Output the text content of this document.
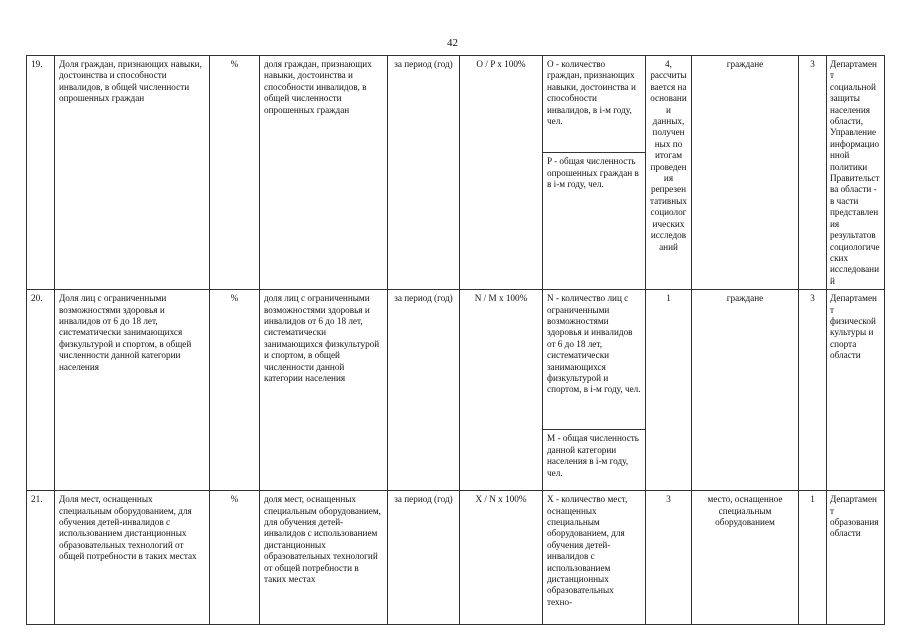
42
19.	Доля граждан, признающих навыки, достоинства и способности инвалидов, в общей численности опрошенных граждан	%	доля граждан, признающих навыки, достоинства и способности инвалидов, в общей численности опрошенных граждан	за период (год)	O / P x 100%	O - количество граждан, признающих навыки, достоинства и способности инвалидов, в i-м году, чел.	4, рассчитывается на основании данных, полученных по итогам проведения репрезентативных социологических исследований	граждане	3	Департамент социальной защиты населения области, Управление информационной политики Правительства области - в части представления результатов социологических исследований
						P - общая численность опрошенных граждан в в i-м году, чел.				
20.	Доля лиц с ограниченными возможностями здоровья и инвалидов от 6 до 18 лет, систематически занимающихся физкультурой и спортом, в общей численности данной категории населения	%	доля лиц с ограниченными возможностями здоровья и инвалидов от 6 до 18 лет, систематически занимающихся физкультурой и спортом, в общей численности данной категории населения	за период (год)	N / M x 100%	N - количество лиц с ограниченными возможностями здоровья и инвалидов от 6 до 18 лет, систематически занимающихся физкультурой и спортом, в i-м году, чел.	1	граждане	3	Департамент физической культуры и спорта области
						M - общая численность данной категории населения в i-м году, чел.				
21.	Доля мест, оснащенных специальным оборудованием, для обучения детей-инвалидов с использованием дистанционных образовательных технологий от общей потребности в таких местах	%	доля мест, оснащенных специальным оборудованием, для обучения детей-инвалидов с использованием дистанционных образовательных технологий от общей потребности в таких местах	за период (год)	X / N x 100%	X - количество мест, оснащенных специальным оборудованием, для обучения детей-инвалидов с использованием дистанционных образовательных техно-	3	место, оснащенное специальным оборудованием	1	Департамент образования области
